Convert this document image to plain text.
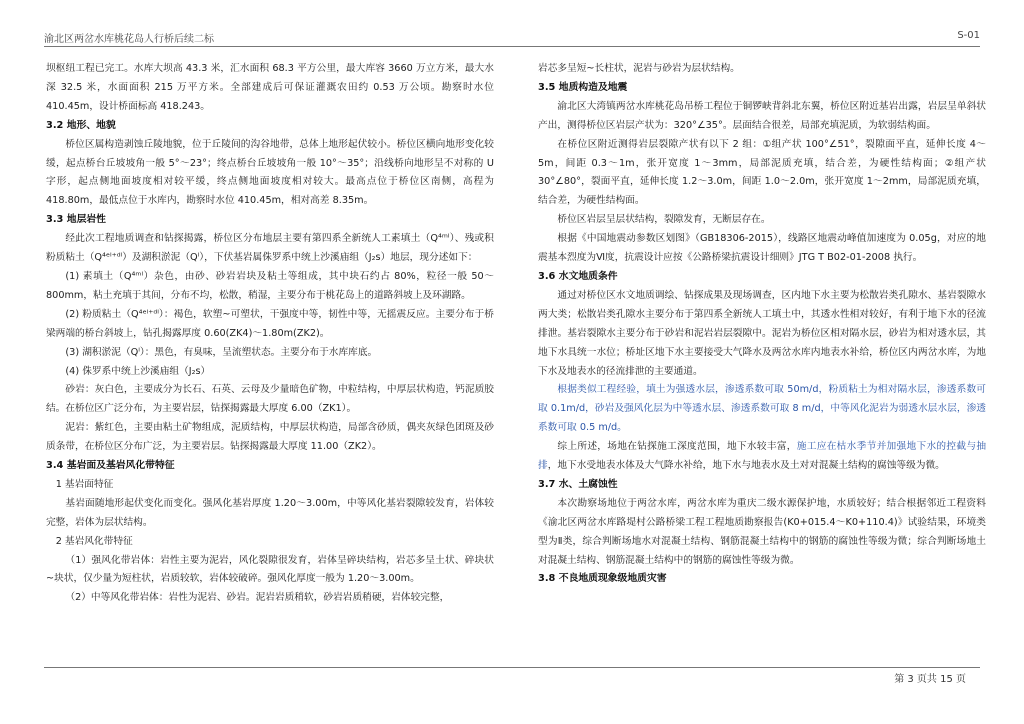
渝北区两岔水库桃花岛人行桥后续二标	S-01

坝枢纽工程已完工。水库大坝高 43.3 米，汇水面积 68.3 平方公里，最大库容 3660 万立方米，最大水深 32.5 米，水面面积 215 万平方米。全部建成后可保证灌溉农田约 0.53 万公顷。勘察时水位 410.45m，设计桥面标高 418.243。

3.2 地形、地貌

桥位区属构造剥蚀丘陵地貌，位于丘陵间的沟谷地带，总体上地形起伏较小。桥位区横向地形变化较缓，起点桥台丘坡坡角一般 5°～23°；终点桥台丘坡坡角一般 10°～35°；沿线桥向地形呈不对称的 U 字形，起点侧地面坡度相对较平缓，终点侧地面坡度相对较大。最高点位于桥位区南侧，高程为 418.80m，最低点位于水库内，勘察时水位 410.45m，相对高差 8.35m。

3.3 地层岩性

经此次工程地质调查和钻探揭露，桥位区分布地层主要有第四系全新统人工素填土（Q⁴ᵐˡ）、残或积粉质粘土（Q⁴ᵉˡ⁺ᵈˡ）及湖积淤泥（Qˡ），下伏基岩属侏罗系中统上沙溪庙组（J₂s）地层，现分述如下：

(1) 素填土（Q⁴ᵐˡ）杂色，由砂、砂岩岩块及粘土等组成，其中块石约占 80%，粒径一般 50～800mm，粘土充填于其间，分布不均，松散，稍湿，主要分布于桃花岛上的道路斜坡上及环湖路。

(2) 粉质粘土（Q⁴ᵉˡ⁺ᵈˡ）：褐色，软塑~可塑状，干强度中等，韧性中等，无摇震反应。主要分布于桥梁两端的桥台斜坡上，钻孔揭露厚度 0.60(ZK4)～1.80m(ZK2)。

(3) 湖积淤泥（Qˡ）：黑色，有臭味，呈流塑状态。主要分布于水库库底。

(4) 侏罗系中统上沙溪庙组（J₂s）

砂岩：灰白色，主要成分为长石、石英、云母及少量暗色矿物，中粒结构，中厚层状构造，钙泥质胶结。在桥位区广泛分布，为主要岩层，钻探揭露最大厚度 6.00（ZK1）。

泥岩：紫红色，主要由粘土矿物组成，泥质结构，中厚层状构造，局部含砂质，偶夹灰绿色团斑及砂质条带，在桥位区分布广泛，为主要岩层。钻探揭露最大厚度 11.00（ZK2）。

3.4 基岩面及基岩风化带特征

1 基岩面特征

基岩面随地形起伏变化而变化。强风化基岩厚度 1.20～3.00m，中等风化基岩裂隙较发育，岩体较完整，岩体为层状结构。

2 基岩风化带特征

（1）强风化带岩体：岩性主要为泥岩，风化裂隙很发育，岩体呈碎块结构，岩芯多呈土状、碎块状~块状，仅少量为短柱状，岩质较软，岩体较破碎。强风化厚度一般为 1.20～3.00m。

（2）中等风化带岩体：岩性为泥岩、砂岩。泥岩岩质稍软，砂岩岩质稍硬，岩体较完整，

岩芯多呈短~长柱状，泥岩与砂岩为层状结构。

3.5 地质构造及地震

渝北区大湾镇两岔水库桃花岛吊桥工程位于铜锣峡背斜北东翼，桥位区附近基岩出露，岩层呈单斜状产出，测得桥位区岩层产状为：320°∠35°。层面结合很差，局部充填泥质，为软弱结构面。

在桥位区附近测得岩层裂隙产状有以下 2 组：①组产状 100°∠51°，裂隙面平直，延伸长度 4～5m，间距 0.3～1m，张开宽度 1～3mm，局部泥质充填，结合差，为硬性结构面；②组产状 30°∠80°，裂面平直，延伸长度 1.2～3.0m，间距 1.0～2.0m，张开宽度 1～2mm，局部泥质充填，结合差，为硬性结构面。

桥位区岩层呈层状结构，裂隙发育，无断层存在。

根据《中国地震动参数区划图》（GB18306-2015），线路区地震动峰值加速度为 0.05g，对应的地震基本烈度为Ⅵ度，抗震设计应按《公路桥梁抗震设计细则》JTG T B02-01-2008 执行。

3.6 水文地质条件

通过对桥位区水文地质调绘、钻探成果及现场调查，区内地下水主要为松散岩类孔隙水、基岩裂隙水两大类；松散岩类孔隙水主要分布于第四系全新统人工填土中，其透水性相对较好，有利于地下水的径流排泄。基岩裂隙水主要分布于砂岩和泥岩岩层裂隙中。泥岩为桥位区相对隔水层，砂岩为相对透水层，其地下水具统一水位；桥址区地下水主要接受大气降水及两岔水库内地表水补给，桥位区内两岔水库，为地下水及地表水的径流排泄的主要通道。

根据类似工程经验，填土为强透水层，渗透系数可取 50m/d，粉质粘土为相对隔水层，渗透系数可取 0.1m/d，砂岩及强风化层为中等透水层、渗透系数可取 8 m/d，中等风化泥岩为弱透水层水层，渗透系数可取 0.5 m/d。

综上所述，场地在钻探施工深度范围，地下水较丰富，施工应在枯水季节并加强地下水的控截与抽排，地下水受地表水体及大气降水补给，地下水与地表水及土对对混凝土结构的腐蚀等级为微。

3.7 水、土腐蚀性

本次勘察场地位于两岔水库，两岔水库为重庆二级水源保护地，水质较好；结合根据邻近工程资料《渝北区两岔水库路堤村公路桥梁工程工程地质勘察报告(K0+015.4～K0+110.4)》试验结果，环境类型为Ⅱ类，综合判断场地水对混凝土结构、钢筋混凝土结构中的钢筋的腐蚀性等级为微；综合判断场地土对混凝土结构、钢筋混凝土结构中的钢筋的腐蚀性等级为微。

3.8 不良地质现象级地质灾害
第 3 页共 15 页
